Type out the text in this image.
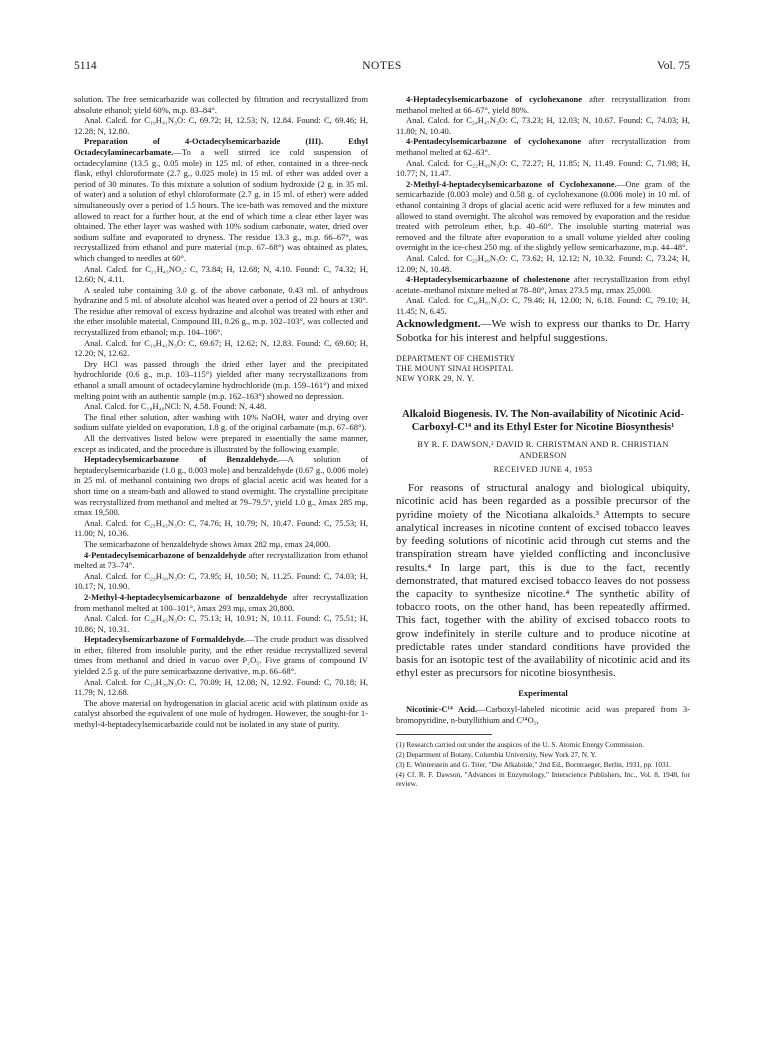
5114	NOTES	Vol. 75

solution. The free semicarbazide was collected by filtration and recrystallized from absolute ethanol; yield 60%, m.p. 83–84°.

Anal. Calcd. for C₁₉H₄₁N₃O: C, 69.72; H, 12.53; N, 12.84. Found: C, 69.46; H, 12.28; N, 12.80.

Preparation of 4-Octadecylsemicarbazide (III). Ethyl Octadecylaminecarbamate.—To a well stirred ice cold suspension of octadecylamine (13.5 g., 0.05 mole) in 125 ml. of ether, contained in a three-neck flask, ethyl chloroformate (2.7 g., 0.025 mole) in 15 ml. of ether was added over a period of 30 minutes. To this mixture a solution of sodium hydroxide (2 g. in 35 ml. of water) and a solution of ethyl chloroformate (2.7 g. in 15 ml. of ether) were added simultaneously over a period of 1.5 hours. The ice-bath was removed and the mixture allowed to react for a further hour, at the end of which time a clear ether layer was obtained. The ether layer was washed with 10% sodium carbonate, water, dried over sodium sulfate and evaporated to dryness. The residue 13.3 g., m.p. 66–67°, was recrystallized from ethanol and pure material (m.p. 67–68°) was obtained as plates, which changed to needles at 60°.

Anal. Calcd. for C₂₁H₄₃NO₂: C, 73.84; H, 12.68; N, 4.10. Found: C, 74.32; H, 12.60; N, 4.11.

A sealed tube containing 3.0 g. of the above carbonate, 0.43 ml. of anhydrous hydrazine and 5 ml. of absolute alcohol was heated over a period of 22 hours at 130°. The residue after removal of excess hydrazine and alcohol was treated with ether and the ether insoluble material, Compound III, 0.26 g., m.p. 102–103°, was collected and recrystallized from ethanol; m.p. 104–106°.

Anal. Calcd. for C₁₉H₄₁N₃O: C, 69.67; H, 12.62; N, 12.83. Found: C, 69.60; H, 12.20; N, 12.62.

Dry HCl was passed through the dried ether layer and the precipitated hydrochloride (0.6 g., m.p. 103–115°) yielded after many recrystallizations from ethanol a small amount of octadecylamine hydrochloride (m.p. 159–161°) and mixed melting point with an authentic sample (m.p. 162–163°) showed no depression.

Anal. Calcd. for C₁₈H₄₀NCl: N, 4.58. Found: N, 4.48.

The final ether solution, after washing with 10% NaOH, water and drying over sodium sulfate yielded on evaporation, 1.8 g. of the original carbamate (m.p. 67–68°).

All the derivatives listed below were prepared in essentially the same manner, except as indicated, and the procedure is illustrated by the following example.

Heptadecylsemicarbazone of Benzaldehyde.—A solution of heptadecylsemicarbazide (1.0 g., 0.003 mole) and benzaldehyde (0.67 g., 0.006 mole) in 25 ml. of methanol containing two drops of glacial acetic acid was heated for a short time on a steam-bath and allowed to stand overnight. The crystalline precipitate was recrystallized from methanol and melted at 79–79.5°, yield 1.0 g., λmax 285 mμ, εmax 19,500.

Anal. Calcd. for C₂₅H₄₃N₃O: C, 74.76; H, 10.79; N, 10.47. Found: C, 75.53; H, 11.00; N, 10.36.

The semicarbazone of benzaldehyde shows λmax 282 mμ, εmax 24,000.

4-Pentadecylsemicarbazone of benzaldehyde after recrystallization from ethanol melted at 73–74°.

Anal. Calcd. for C₂₃H₃₉N₃O: C, 73.95; H, 10.50; N, 11.25. Found: C, 74.03; H, 10.17; N, 10.90.

2-Methyl-4-heptadecylsemicarbazone of benzaldehyde after recrystallization from methanol melted at 100–101°, λmax 293 mμ, εmax 20,800.

Anal. Calcd. for C₂₆H₄₅N₃O: C, 75.13; H, 10.91; N, 10.11. Found: C, 75.51; H, 10.86; N, 10.31.

Heptadecylsemicarbazone of Formaldehyde.—The crude product was dissolved in ether, filtered from insoluble purity, and the ether residue recrystallized several times from methanol and dried in vacuo over P₂O₅. Five grams of compound IV yielded 2.5 g. of the pure semicarbazone derivative, m.p. 66–68°.

Anal. Calcd. for C₁₉H₃₉N₃O: C, 70.09; H, 12.08; N, 12.92. Found: C, 70.18; H, 11.79; N, 12.68.

The above material on hydrogenation in glacial acetic acid with platinum oxide as catalyst absorbed the equivalent of one mole of hydrogen. However, the sought-for 1-methyl-4-heptadecylsemicarbazide could not be isolated in any state of purity.

4-Heptadecylsemicarbazone of cyclohexanone after recrystallization from methanol melted at 66–67°, yield 80%.

Anal. Calcd. for C₂₄H₄₇N₃O: C, 73.23; H, 12.03; N, 10.67. Found: C, 74.03; H, 11.80; N, 10.40.

4-Pentadecylsemicarbazone of cyclohexanone after recrystallization from methanol melted at 62–63°.

Anal. Calcd. for C₂₂H₄₃N₃O: C, 72.27; H, 11.85; N, 11.49. Found: C, 71.98; H, 10.77; N, 11.47.

2-Methyl-4-heptadecylsemicarbazone of Cyclohexanone.—One gram of the semicarbazide (0.003 mole) and 0.58 g. of cyclohexanone (0.006 mole) in 10 ml. of ethanol containing 3 drops of glacial acetic acid were refluxed for a few minutes and allowed to stand overnight. The alcohol was removed by evaporation and the residue treated with petroleum ether, b.p. 40–60°. The insoluble starting material was removed and the filtrate after evaporation to a small volume yielded after cooling overnight in the ice-chest 250 mg. of the slightly yellow semicarbazone, m.p. 44–48°.

Anal. Calcd. for C₂₅H₄₉N₃O: C, 73.62; H, 12.12; N, 10.32. Found: C, 73.24; H, 12.09; N, 10.48.

4-Heptadecylsemicarbazone of cholestenone after recrystallization from ethyl acetate–methanol mixture melted at 78–80°, λmax 273.5 mμ, εmax 25,000.

Anal. Calcd. for C₄₆H₈₁N₃O: C, 79.46; H, 12.00; N, 6.18. Found: C, 79.10; H, 11.45; N, 6.45.

Acknowledgment.—We wish to express our thanks to Dr. Harry Sobotka for his interest and helpful suggestions.

DEPARTMENT OF CHEMISTRY
THE MOUNT SINAI HOSPITAL
NEW YORK 29, N. Y.
Alkaloid Biogenesis. IV. The Non-availability of Nicotinic Acid-Carboxyl-C¹⁴ and its Ethyl Ester for Nicotine Biosynthesis¹
BY R. F. DAWSON,² DAVID R. CHRISTMAN AND R. CHRISTIAN ANDERSON
RECEIVED JUNE 4, 1953

For reasons of structural analogy and biological ubiquity, nicotinic acid has been regarded as a possible precursor of the pyridine moiety of the Nicotiana alkaloids.³ Attempts to secure analytical increases in nicotine content of excised tobacco leaves by feeding solutions of nicotinic acid through cut stems and the transpiration stream have yielded conflicting and inconclusive results.⁴ In large part, this is due to the fact, recently demonstrated, that matured excised tobacco leaves do not possess the capacity to synthesize nicotine.⁴ The synthetic ability of tobacco roots, on the other hand, has been repeatedly affirmed. This fact, together with the ability of excised tobacco roots to grow indefinitely in sterile culture and to produce nicotine at predictable rates under standard conditions have provided the basis for an isotopic test of the availability of nicotinic acid and its ethyl ester as precursors for nicotine biosynthesis.

Experimental

Nicotinic-C¹⁴ Acid.—Carboxyl-labeled nicotinic acid was prepared from 3-bromopyridine, n-butyllithium and C¹⁴O₂,

(1) Research carried out under the auspices of the U. S. Atomic Energy Commission.

(2) Department of Botany, Columbia University, New York 27, N. Y.

(3) E. Winterstein and G. Trier, "Die Alkaloide," 2nd Ed., Borntraeger, Berlin, 1931, pp. 1031.

(4) Cf. R. F. Dawson, "Advances in Enzymology," Interscience Publishers, Inc., Vol. 8, 1948, for review.
